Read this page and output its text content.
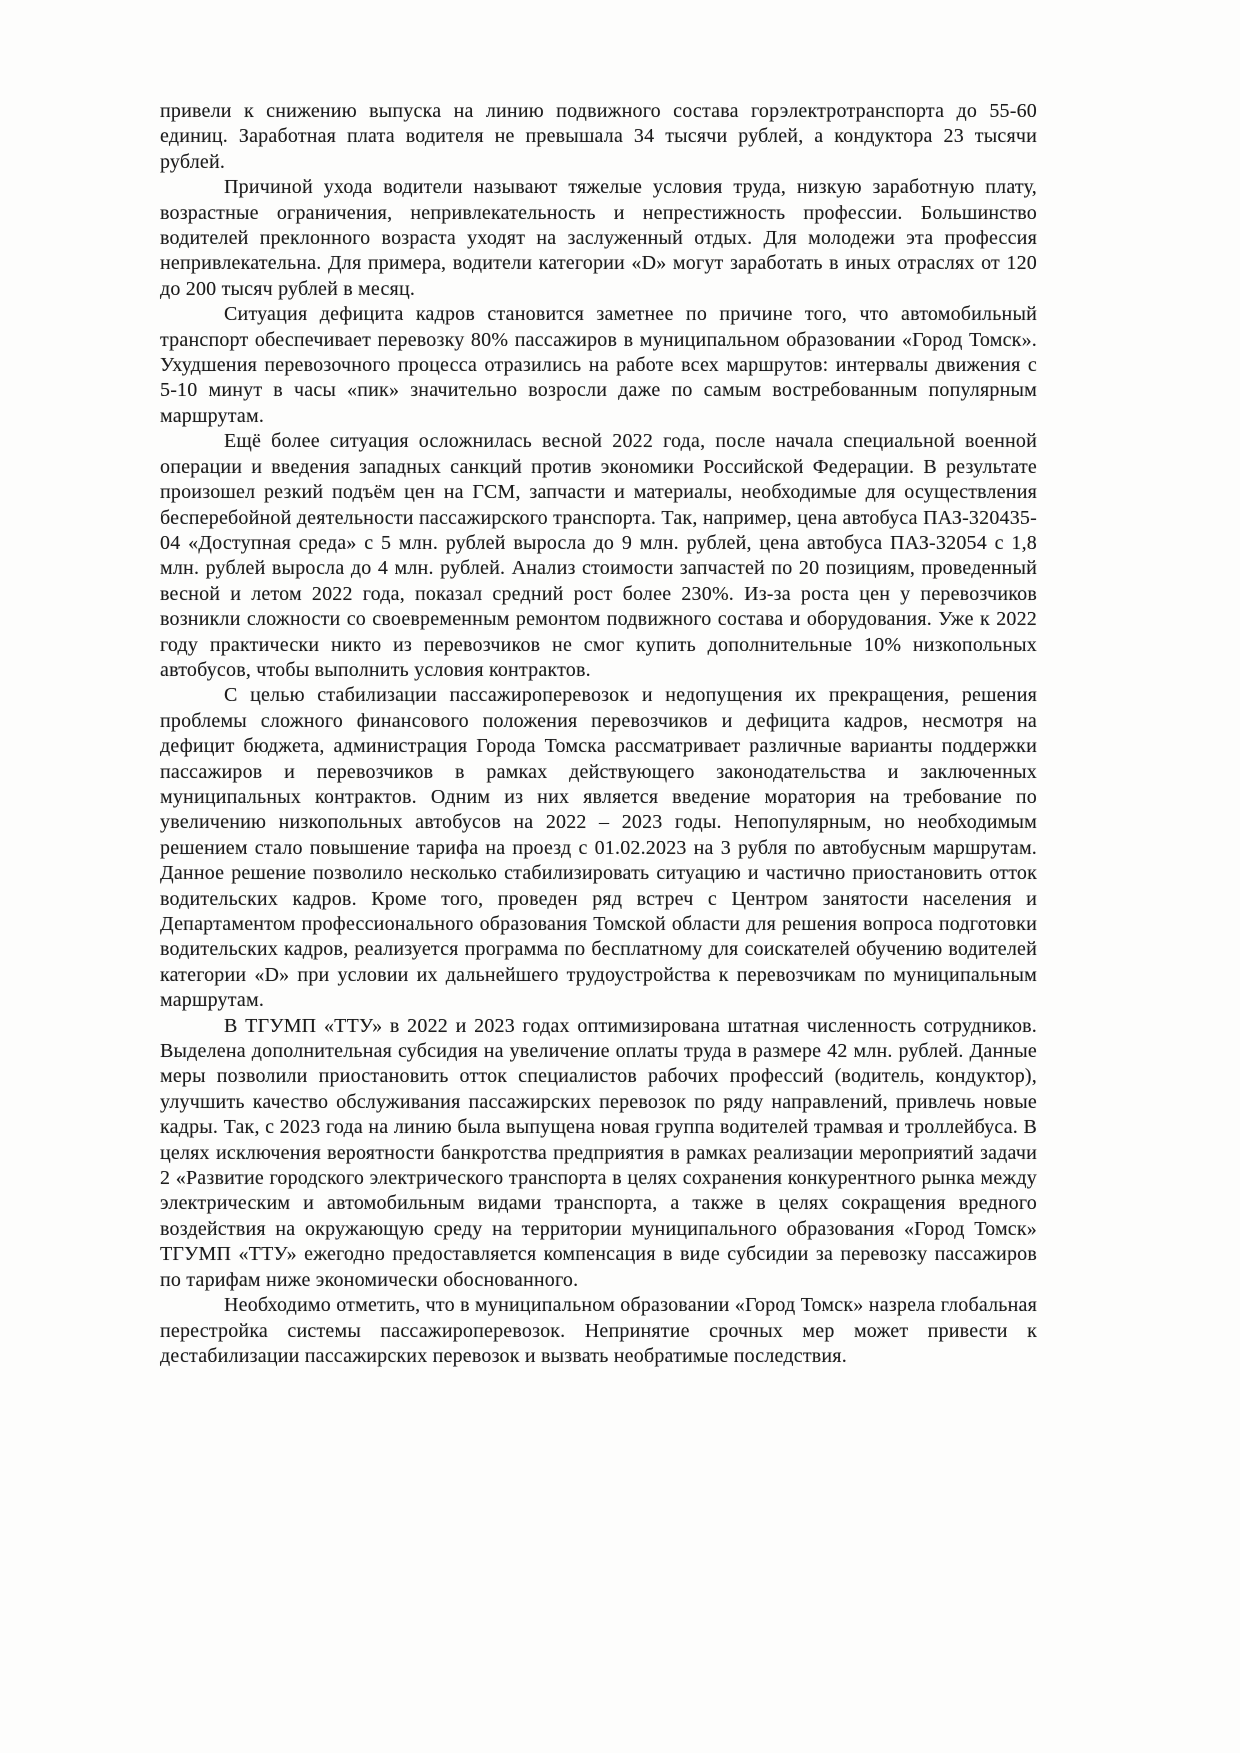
привели к снижению выпуска на линию подвижного состава горэлектротранспорта до 55-60 единиц. Заработная плата водителя не превышала 34 тысячи рублей, а кондуктора 23 тысячи рублей.

Причиной ухода водители называют тяжелые условия труда, низкую заработную плату, возрастные ограничения, непривлекательность и непрестижность профессии. Большинство водителей преклонного возраста уходят на заслуженный отдых. Для молодежи эта профессия непривлекательна. Для примера, водители категории «D» могут заработать в иных отраслях от 120 до 200 тысяч рублей в месяц.

Ситуация дефицита кадров становится заметнее по причине того, что автомобильный транспорт обеспечивает перевозку 80% пассажиров в муниципальном образовании «Город Томск». Ухудшения перевозочного процесса отразились на работе всех маршрутов: интервалы движения с 5-10 минут в часы «пик» значительно возросли даже по самым востребованным популярным маршрутам.

Ещё более ситуация осложнилась весной 2022 года, после начала специальной военной операции и введения западных санкций против экономики Российской Федерации. В результате произошел резкий подъём цен на ГСМ, запчасти и материалы, необходимые для осуществления бесперебойной деятельности пассажирского транспорта. Так, например, цена автобуса ПАЗ-320435-04 «Доступная среда» с 5 млн. рублей выросла до 9 млн. рублей, цена автобуса ПАЗ-32054 с 1,8 млн. рублей выросла до 4 млн. рублей. Анализ стоимости запчастей по 20 позициям, проведенный весной и летом 2022 года, показал средний рост более 230%. Из-за роста цен у перевозчиков возникли сложности со своевременным ремонтом подвижного состава и оборудования. Уже к 2022 году практически никто из перевозчиков не смог купить дополнительные 10% низкопольных автобусов, чтобы выполнить условия контрактов.

С целью стабилизации пассажироперевозок и недопущения их прекращения, решения проблемы сложного финансового положения перевозчиков и дефицита кадров, несмотря на дефицит бюджета, администрация Города Томска рассматривает различные варианты поддержки пассажиров и перевозчиков в рамках действующего законодательства и заключенных муниципальных контрактов. Одним из них является введение моратория на требование по увеличению низкопольных автобусов на 2022 – 2023 годы. Непопулярным, но необходимым решением стало повышение тарифа на проезд с 01.02.2023 на 3 рубля по автобусным маршрутам. Данное решение позволило несколько стабилизировать ситуацию и частично приостановить отток водительских кадров. Кроме того, проведен ряд встреч с Центром занятости населения и Департаментом профессионального образования Томской области для решения вопроса подготовки водительских кадров, реализуется программа по бесплатному для соискателей обучению водителей категории «D» при условии их дальнейшего трудоустройства к перевозчикам по муниципальным маршрутам.

В ТГУМП «ТТУ» в 2022 и 2023 годах оптимизирована штатная численность сотрудников. Выделена дополнительная субсидия на увеличение оплаты труда в размере 42 млн. рублей. Данные меры позволили приостановить отток специалистов рабочих профессий (водитель, кондуктор), улучшить качество обслуживания пассажирских перевозок по ряду направлений, привлечь новые кадры. Так, с 2023 года на линию была выпущена новая группа водителей трамвая и троллейбуса. В целях исключения вероятности банкротства предприятия в рамках реализации мероприятий задачи 2 «Развитие городского электрического транспорта в целях сохранения конкурентного рынка между электрическим и автомобильным видами транспорта, а также в целях сокращения вредного воздействия на окружающую среду на территории муниципального образования «Город Томск» ТГУМП «ТТУ» ежегодно предоставляется компенсация в виде субсидии за перевозку пассажиров по тарифам ниже экономически обоснованного.

Необходимо отметить, что в муниципальном образовании «Город Томск» назрела глобальная перестройка системы пассажироперевозок. Непринятие срочных мер может привести к дестабилизации пассажирских перевозок и вызвать необратимые последствия.
